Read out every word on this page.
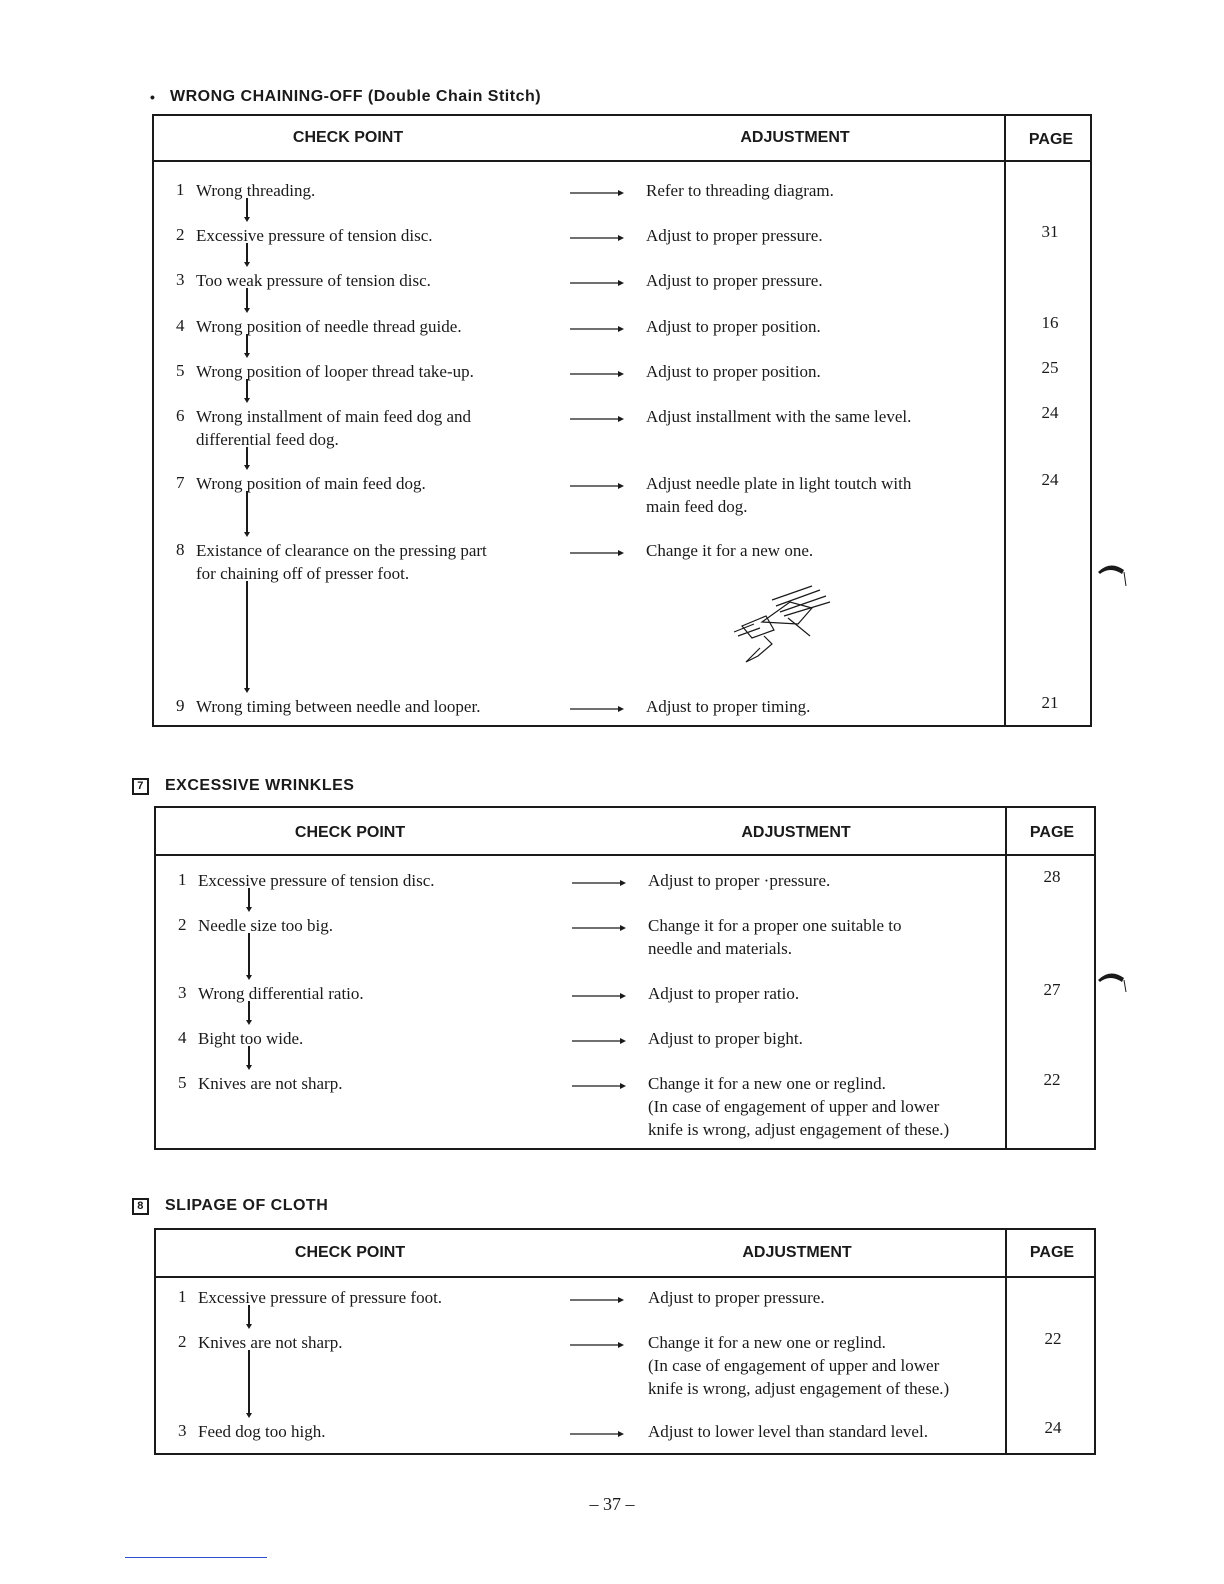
• WRONG CHAINING-OFF (Double Chain Stitch)
CHECK POINT	ADJUSTMENT	PAGE
1 Wrong threading.	Refer to threading diagram.
2 Excessive pressure of tension disc.	Adjust to proper pressure.	31
3 Too weak pressure of tension disc.	Adjust to proper pressure.
4 Wrong position of needle thread guide.	Adjust to proper position.	16
5 Wrong position of looper thread take-up.	Adjust to proper position.	25
6 Wrong installment of main feed dog and
differential feed dog.
Adjust installment with the same level.	24
7 Wrong position of main feed dog.	Adjust needle plate in light toutch with
main feed dog.
24
8 Existance of clearance on the pressing part
for chaining off of presser foot.
Change it for a new one.
9 Wrong timing between needle and looper.	Adjust to proper timing.	21
7	EXCESSIVE WRINKLES
CHECK POINT	ADJUSTMENT	PAGE
1 Excessive pressure of tension disc.	Adjust to proper ·pressure.	28
2 Needle size too big.	Change it for a proper one suitable to
needle and materials.
3 Wrong differential ratio.	Adjust to proper ratio.	27
4 Bight too wide.	Adjust to proper bight.
5 Knives are not sharp.	Change it for a new one or reglind.
(In case of engagement of upper and lower
knife is wrong, adjust engagement of these.)
22
8	SLIPAGE OF CLOTH
CHECK POINT	ADJUSTMENT	PAGE
1 Excessive pressure of pressure foot.	Adjust to proper pressure.
2 Knives are not sharp.	Change it for a new one or reglind.
(In case of engagement of upper and lower
knife is wrong, adjust engagement of these.)
22
3 Feed dog too high.	Adjust to lower level than standard level.	24
– 37 –
